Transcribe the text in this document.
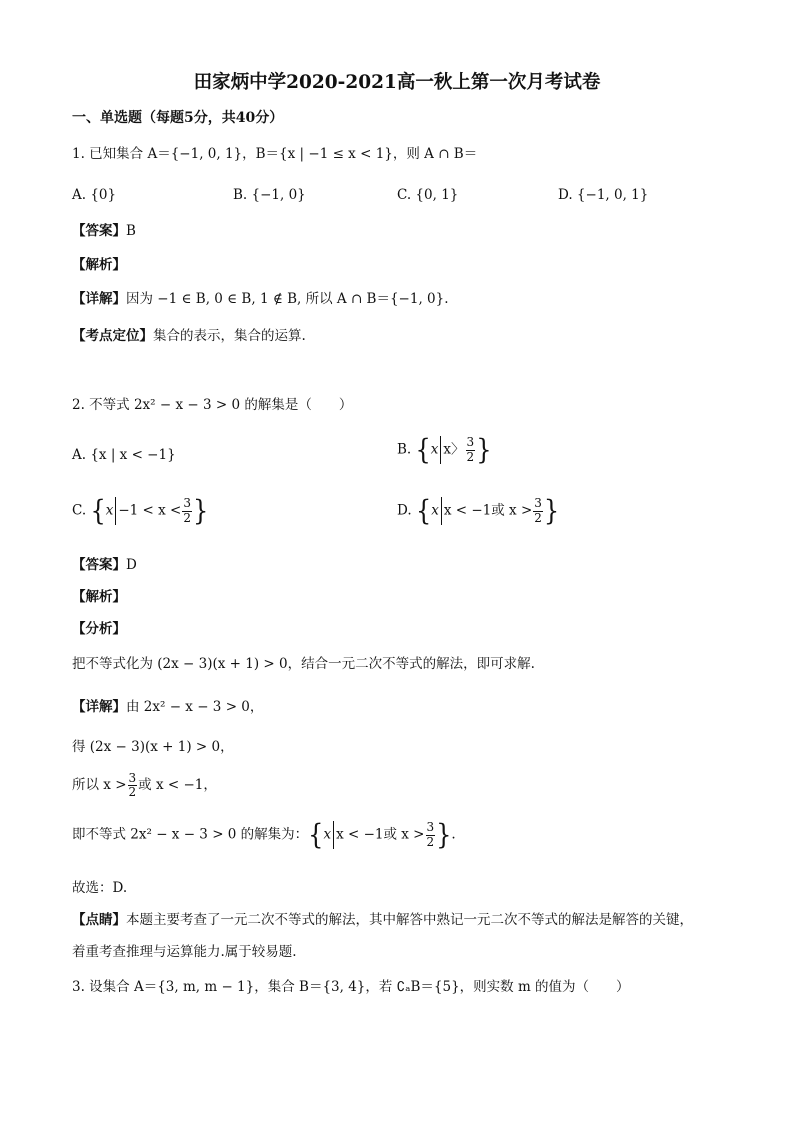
田家炳中学2020-2021高一秋上第一次月考试卷
一、单选题（每题5分，共40分）
1. 已知集合 A＝{−1, 0, 1}，B＝{x | −1 ≤ x < 1}，则 A ∩ B＝
A. {0}	B. {−1, 0}	C. {0, 1}	D. {−1, 0, 1}
【答案】B
【解析】
【详解】因为 −1 ∈ B, 0 ∈ B, 1 ∉ B, 所以 A ∩ B＝{−1, 0}.
【考点定位】集合的表示，集合的运算.
2. 不等式 2x² − x − 3 > 0 的解集是（　　）
A. {x | x < −1}	B. {x x〉 $\frac{3}{2}$ }
C. {$x -1 < x < \frac{3}{2}$ }	D. {x x < −1或 $x > \frac{3}{2}$ }
【答案】D
【解析】
【分析】
把不等式化为 (2x − 3)(x + 1) > 0，结合一元二次不等式的解法，即可求解.
【详解】由 2x² − x − 3 > 0，
得 (2x − 3)(x + 1) > 0，
所以 $x > \frac{3}{2}$ 或 x < −1，
即不等式 2x² − x − 3 > 0 的解集为：{x x < −1或 $x > \frac{3}{2}$ }.
故选：D.
【点睛】本题主要考查了一元二次不等式的解法，其中解答中熟记一元二次不等式的解法是解答的关键，
着重考查推理与运算能力.属于较易题.
3. 设集合 A＝{3, m, m − 1}，集合 B＝{3, 4}，若 ∁ₐB＝{5}，则实数 m 的值为（　　）
